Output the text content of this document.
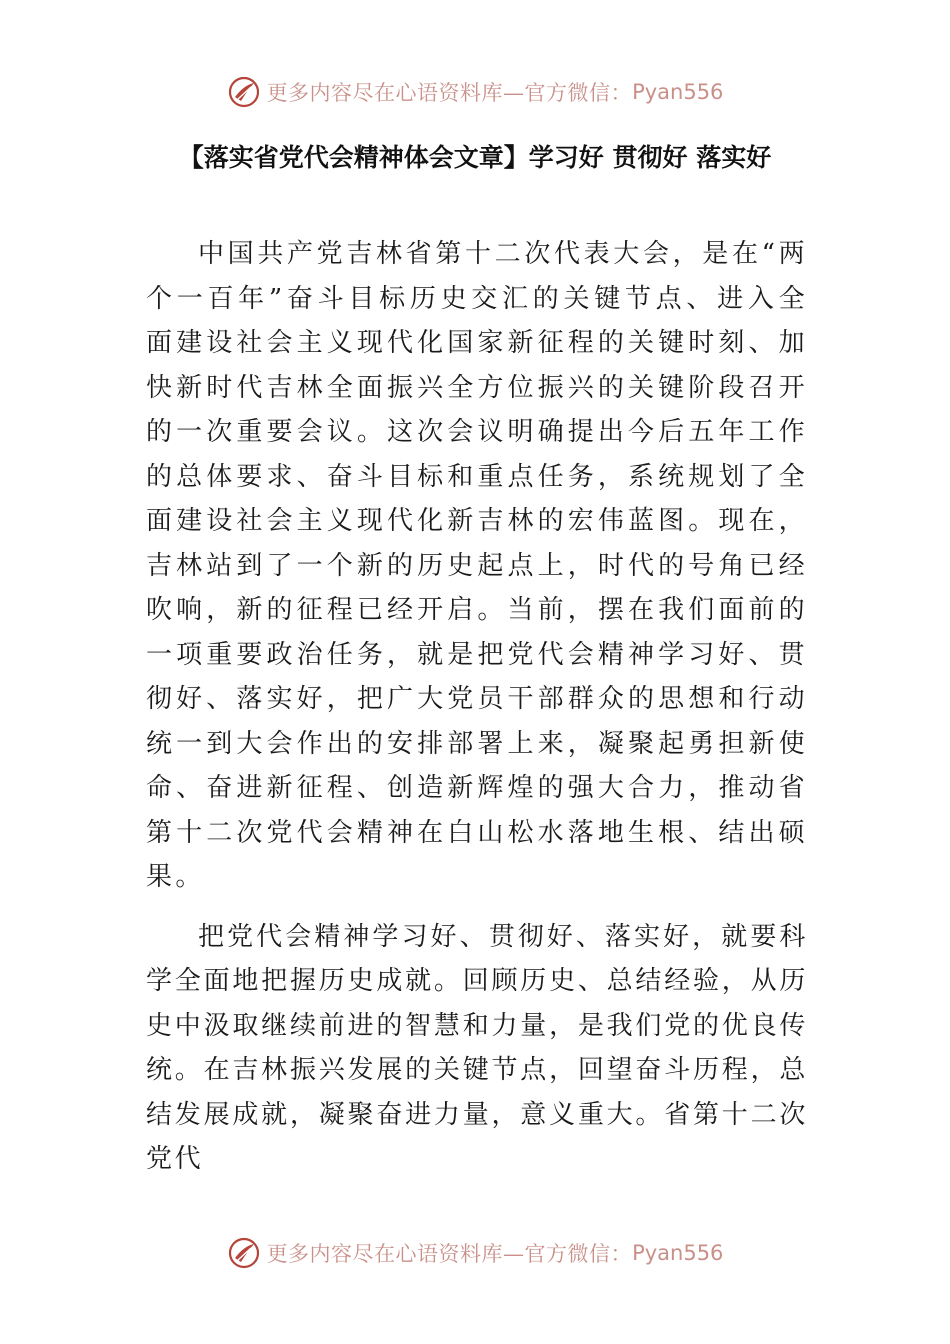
更多内容尽在心语资料库—官方微信： Pyan556
【落实省党代会精神体会文章】学习好 贯彻好 落实好

中国共产党吉林省第十二次代表大会，是在“两个一百年”奋斗目标历史交汇的关键节点、进入全面建设社会主义现代化国家新征程的关键时刻、加快新时代吉林全面振兴全方位振兴的关键阶段召开的一次重要会议。这次会议明确提出今后五年工作的总体要求、奋斗目标和重点任务，系统规划了全面建设社会主义现代化新吉林的宏伟蓝图。现在，吉林站到了一个新的历史起点上，时代的号角已经吹响，新的征程已经开启。当前，摆在我们面前的一项重要政治任务，就是把党代会精神学习好、贯彻好、落实好，把广大党员干部群众的思想和行动统一到大会作出的安排部署上来，凝聚起勇担新使命、奋进新征程、创造新辉煌的强大合力，推动省第十二次党代会精神在白山松水落地生根、结出硕果。

把党代会精神学习好、贯彻好、落实好，就要科学全面地把握历史成就。回顾历史、总结经验，从历史中汲取继续前进的智慧和力量，是我们党的优良传统。在吉林振兴发展的关键节点，回望奋斗历程，总结发展成就，凝聚奋进力量，意义重大。省第十二次党代

更多内容尽在心语资料库—官方微信： Pyan556
